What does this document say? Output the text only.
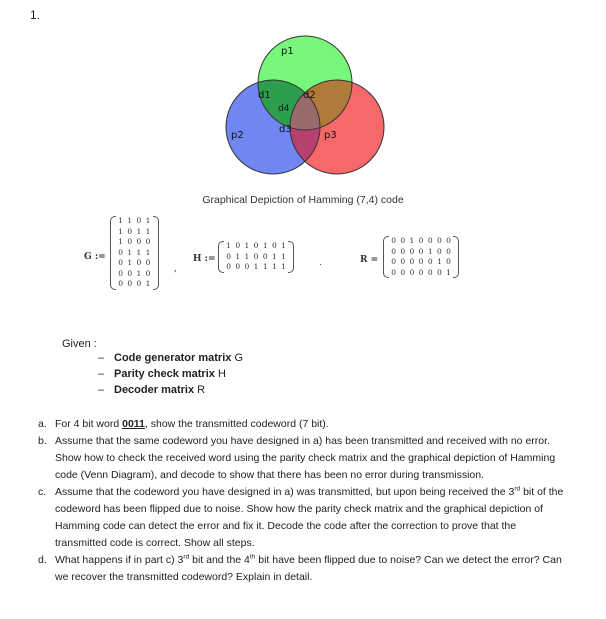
1.
p1
p2	p3
d1	d2
d3
d4
Graphical Depiction of Hamming (7,4) code
G :=
1	1	0	1
1	0	1	1
1	0	0	0
0	1	1	1
0	1	0	0
0	0	1	0
0	0	0	1
,
H :=
1	0	1	0	1	0	1
0	1	1	0	0	1	1
0	0	0	1	1	1	1	.	R =
0	0	1	0	0	0	0
0	0	0	0	1	0	0
0	0	0	0	0	1	0
0	0	0	0	0	0	1
Given :
– Code generator matrix
G
– Parity check matrix
H
– Decoder matrix
R
a. For 4 bit word 0011, show the transmitted codeword (7 bit).
b. Assume that the same codeword you have designed in a) has been transmitted and received with no error. Show how to check the received word using the parity check matrix and the graphical depiction of Hamming code (Venn Diagram), and decode to show that there has been no error during transmission.
c. Assume that the codeword you have designed in a) was transmitted, but upon being received the 3rd bit of the codeword has been flipped due to noise. Show how the parity check matrix and the graphical depiction of Hamming code can detect the error and fix it. Decode the code after the correction to prove that the transmitted code is correct. Show all steps.
d. What happens if in part c) 3rd bit and the 4th bit have been flipped due to noise? Can we detect the error? Can we recover the transmitted codeword? Explain in detail.
